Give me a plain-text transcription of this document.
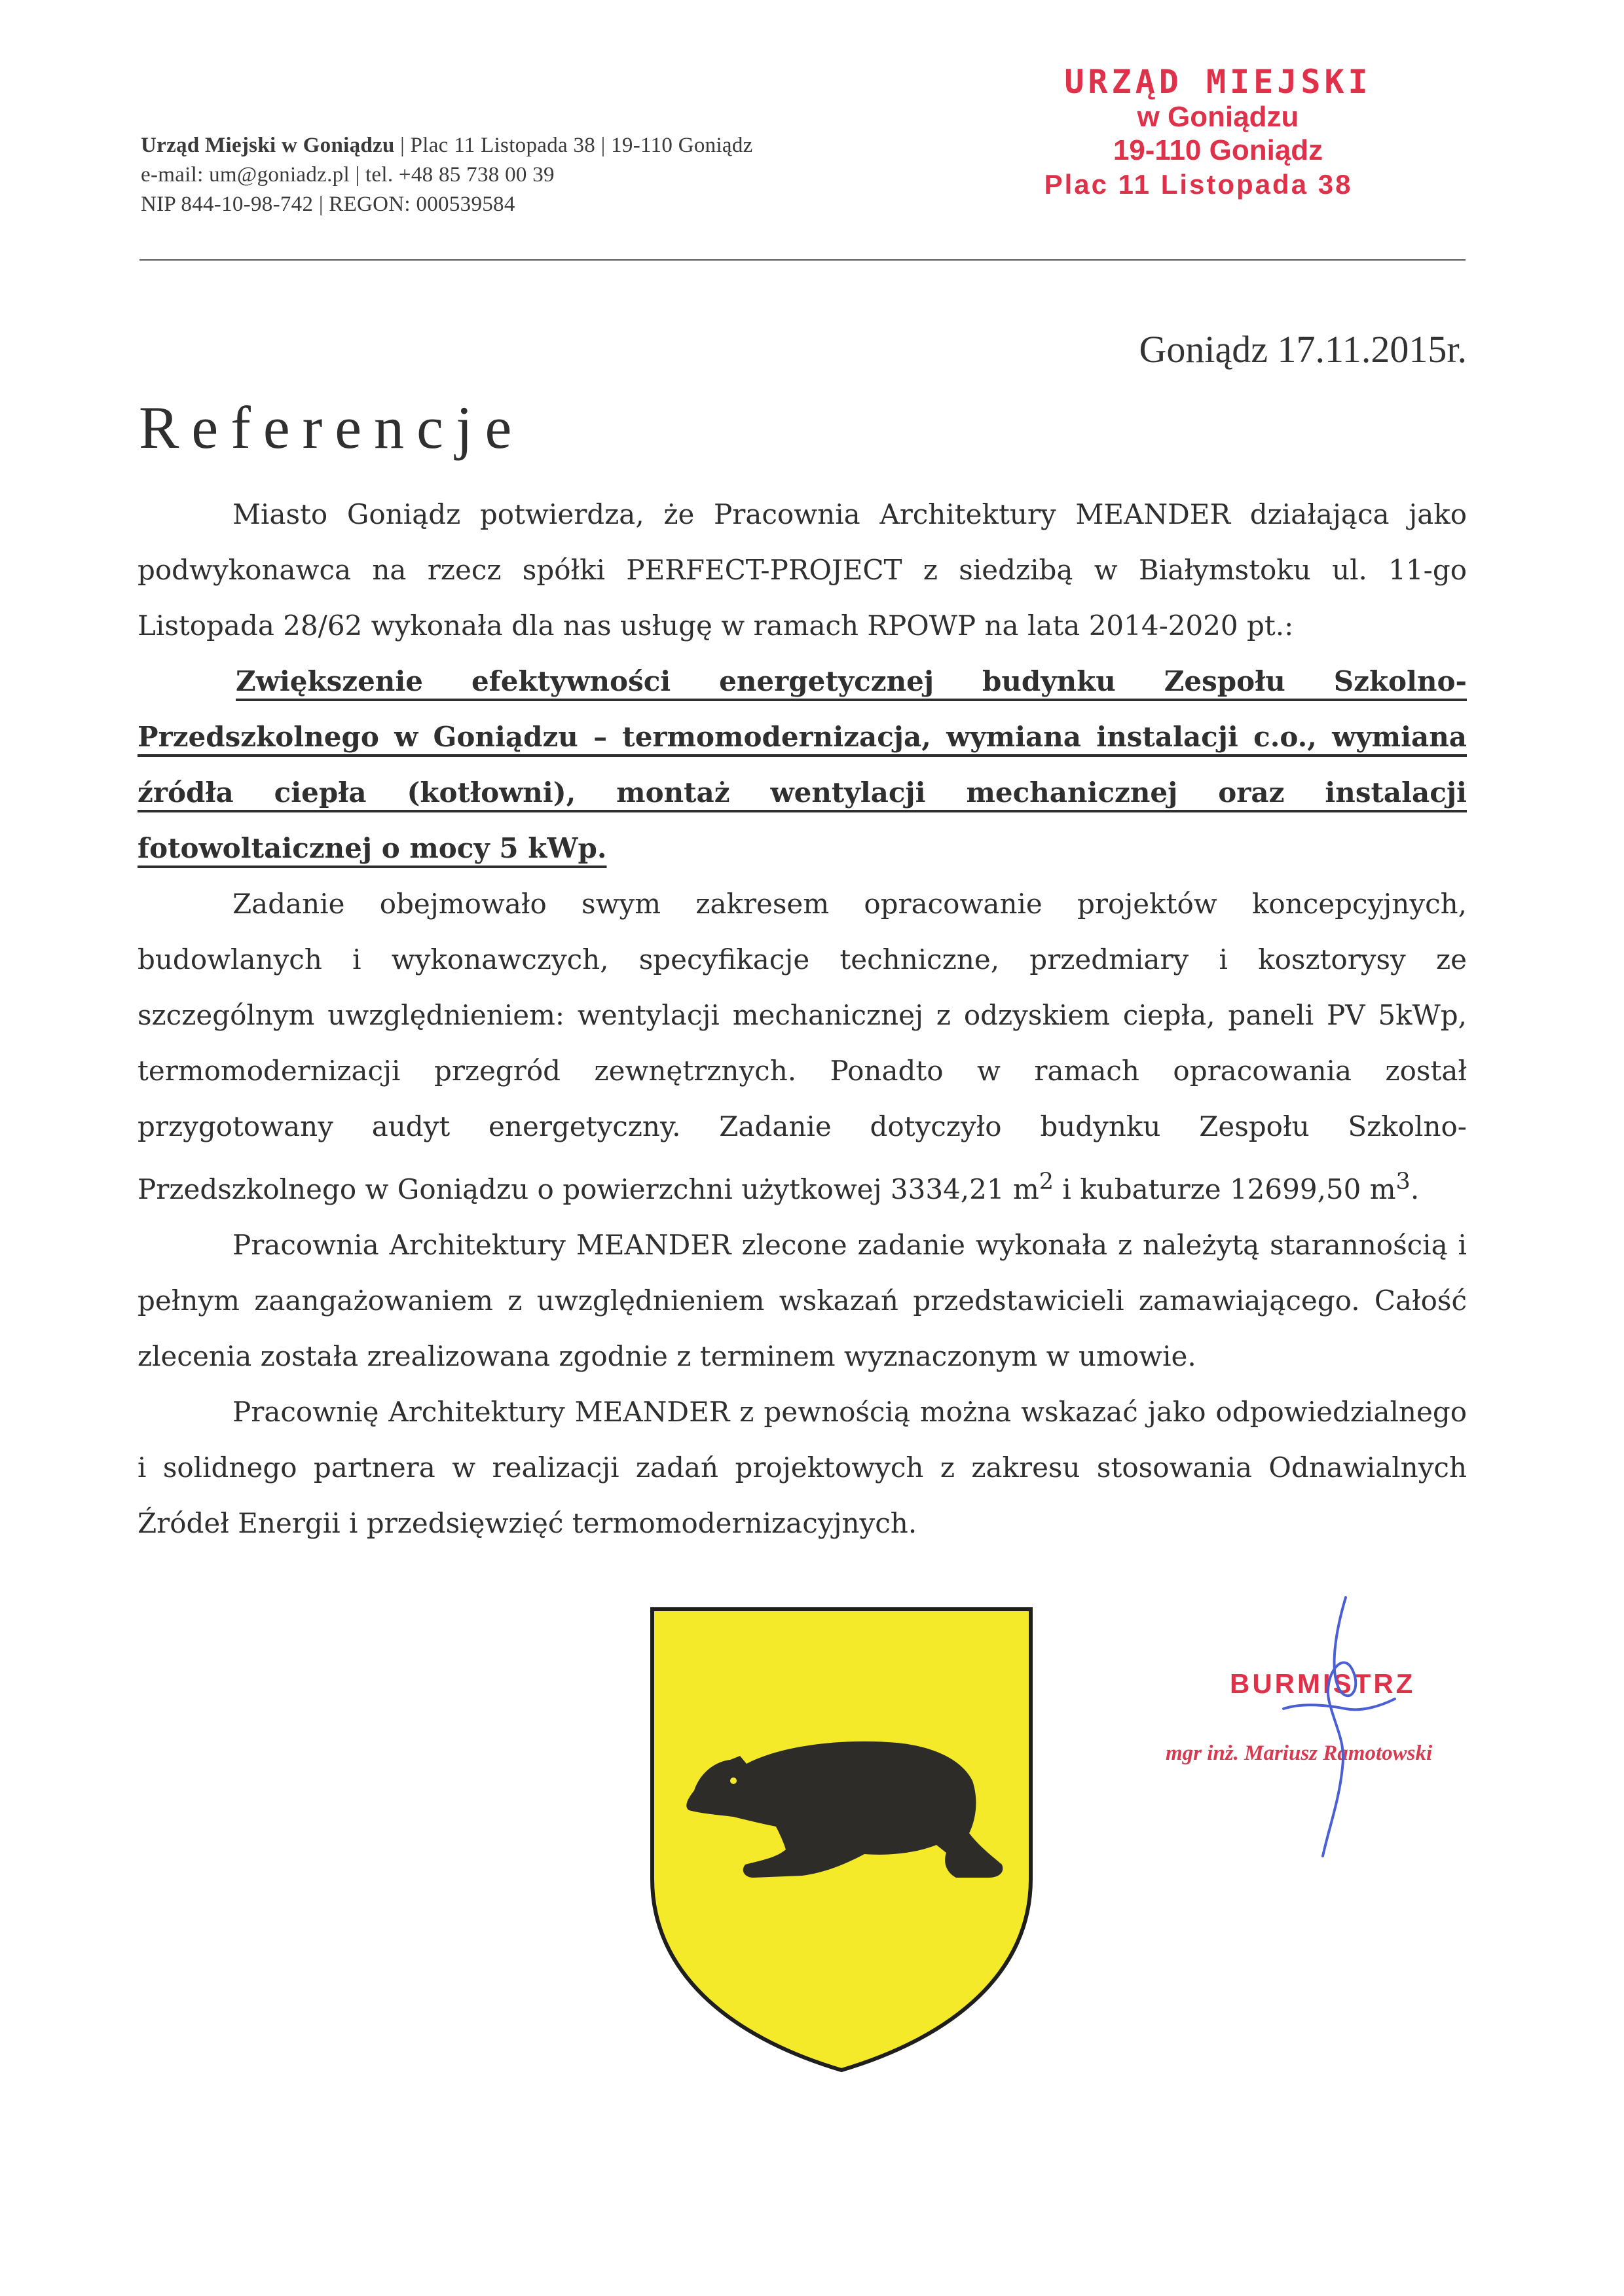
Urząd Miejski w Goniądzu | Plac 11 Listopada 38 | 19-110 Goniądz
e-mail: um@goniadz.pl | tel. +48 85 738 00 39
NIP 844-10-98-742 | REGON: 000539584
URZĄD MIEJSKI
w Goniądzu
19-110 Goniądz
Plac 11 Listopada 38
Goniądz 17.11.2015r.
Referencje

Miasto Goniądz potwierdza, że Pracownia Architektury MEANDER działająca jako podwykonawca na rzecz spółki PERFECT-PROJECT z siedzibą w Białymstoku ul. 11-go Listopada 28/62 wykonała dla nas usługę w ramach RPOWP na lata 2014-2020 pt.:

Zwiększenie efektywności energetycznej budynku Zespołu Szkolno-Przedszkolnego w Goniądzu – termomodernizacja, wymiana instalacji c.o., wymiana źródła ciepła (kotłowni), montaż wentylacji mechanicznej oraz instalacji fotowoltaicznej o mocy 5 kWp.

Zadanie obejmowało swym zakresem opracowanie projektów koncepcyjnych, budowlanych i wykonawczych, specyfikacje techniczne, przedmiary i kosztorysy ze szczególnym uwzględnieniem: wentylacji mechanicznej z odzyskiem ciepła, paneli PV 5kWp, termomodernizacji przegród zewnętrznych. Ponadto w ramach opracowania został przygotowany audyt energetyczny. Zadanie dotyczyło budynku Zespołu Szkolno-Przedszkolnego w Goniądzu o powierzchni użytkowej 3334,21 $m^2$ i kubaturze 12699,50 $m^3$.

Pracownia Architektury MEANDER zlecone zadanie wykonała z należytą starannością i pełnym zaangażowaniem z uwzględnieniem wskazań przedstawicieli zamawiającego. Całość zlecenia została zrealizowana zgodnie z terminem wyznaczonym w umowie.

Pracownię Architektury MEANDER z pewnością można wskazać jako odpowiedzialnego i solidnego partnera w realizacji zadań projektowych z zakresu stosowania Odnawialnych Źródeł Energii i przedsięwzięć termomodernizacyjnych.

BURMISTRZ
mgr inż. Mariusz Ramotowski
